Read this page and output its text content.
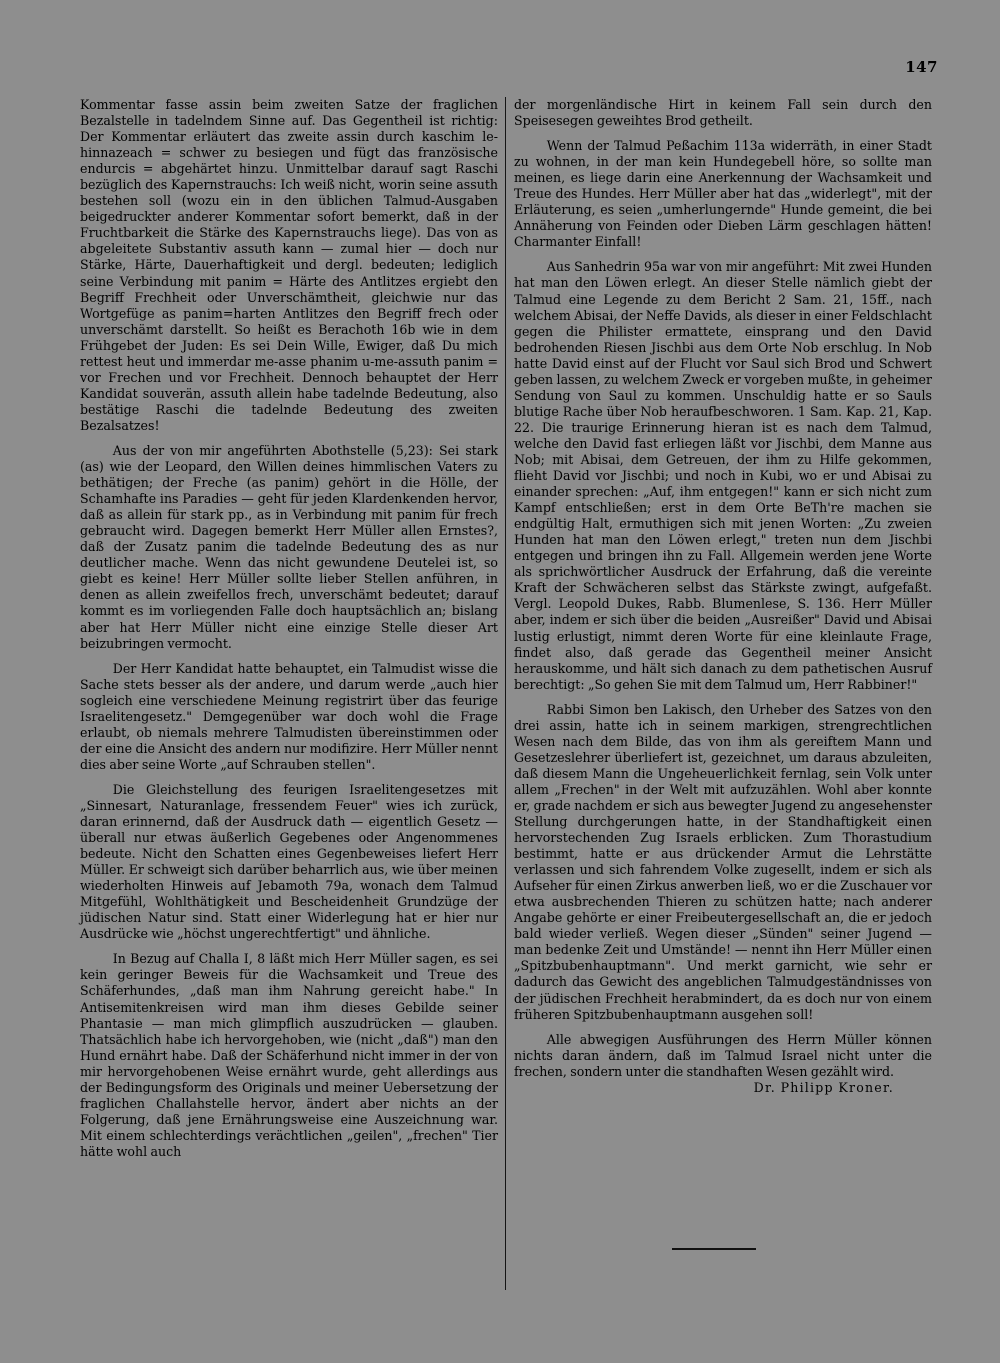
147

Kommentar fasse assin beim zweiten Satze der fraglichen Bezalstelle in tadelndem Sinne auf. Das Gegentheil ist richtig: Der Kommentar erläutert das zweite assin durch kaschim le-hinnazeach = schwer zu besiegen und fügt das französische endurcis = abgehärtet hinzu. Unmittelbar darauf sagt Raschi bezüglich des Kapernstrauchs: Ich weiß nicht, worin seine assuth bestehen soll (wozu ein in den üblichen Talmud-Ausgaben beigedruckter anderer Kommentar sofort bemerkt, daß in der Fruchtbarkeit die Stärke des Kapernstrauchs liege). Das von as abgeleitete Substantiv assuth kann — zumal hier — doch nur Stärke, Härte, Dauerhaftigkeit und dergl. bedeuten; lediglich seine Verbindung mit panim = Härte des Antlitzes ergiebt den Begriff Frechheit oder Unverschämtheit, gleichwie nur das Wortgefüge as panim=harten Antlitzes den Begriff frech oder unverschämt darstellt. So heißt es Berachoth 16b wie in dem Frühgebet der Juden: Es sei Dein Wille, Ewiger, daß Du mich rettest heut und immerdar me-asse phanim u-me-assuth panim = vor Frechen und vor Frechheit. Dennoch behauptet der Herr Kandidat souverän, assuth allein habe tadelnde Bedeutung, also bestätige Raschi die tadelnde Bedeutung des zweiten Bezalsatzes!

Aus der von mir angeführten Abothstelle (5,23): Sei stark (as) wie der Leopard, den Willen deines himmlischen Vaters zu bethätigen; der Freche (as panim) gehört in die Hölle, der Schamhafte ins Paradies — geht für jeden Klardenkenden hervor, daß as allein für stark pp., as in Verbindung mit panim für frech gebraucht wird. Dagegen bemerkt Herr Müller allen Ernstes?, daß der Zusatz panim die tadelnde Bedeutung des as nur deutlicher mache. Wenn das nicht gewundene Deutelei ist, so giebt es keine! Herr Müller sollte lieber Stellen anführen, in denen as allein zweifellos frech, unverschämt bedeutet; darauf kommt es im vorliegenden Falle doch hauptsächlich an; bislang aber hat Herr Müller nicht eine einzige Stelle dieser Art beizubringen vermocht.

Der Herr Kandidat hatte behauptet, ein Talmudist wisse die Sache stets besser als der andere, und darum werde „auch hier sogleich eine verschiedene Meinung registrirt über das feurige Israelitengesetz." Demgegenüber war doch wohl die Frage erlaubt, ob niemals mehrere Talmudisten übereinstimmen oder der eine die Ansicht des andern nur modifizire. Herr Müller nennt dies aber seine Worte „auf Schrauben stellen".

Die Gleichstellung des feurigen Israelitengesetzes mit „Sinnesart, Naturanlage, fressendem Feuer" wies ich zurück, daran erinnernd, daß der Ausdruck dath — eigentlich Gesetz — überall nur etwas äußerlich Gegebenes oder Angenommenes bedeute. Nicht den Schatten eines Gegenbeweises liefert Herr Müller. Er schweigt sich darüber beharrlich aus, wie über meinen wiederholten Hinweis auf Jebamoth 79a, wonach dem Talmud Mitgefühl, Wohlthätigkeit und Bescheidenheit Grundzüge der jüdischen Natur sind. Statt einer Widerlegung hat er hier nur Ausdrücke wie „höchst ungerechtfertigt" und ähnliche.

In Bezug auf Challa I, 8 läßt mich Herr Müller sagen, es sei kein geringer Beweis für die Wachsamkeit und Treue des Schäferhundes, „daß man ihm Nahrung gereicht habe." In Antisemitenkreisen wird man ihm dieses Gebilde seiner Phantasie — man mich glimpflich auszudrücken — glauben. Thatsächlich habe ich hervorgehoben, wie (nicht „daß") man den Hund ernährt habe. Daß der Schäferhund nicht immer in der von mir hervorgehobenen Weise ernährt wurde, geht allerdings aus der Bedingungsform des Originals und meiner Uebersetzung der fraglichen Challahstelle hervor, ändert aber nichts an der Folgerung, daß jene Ernährungsweise eine Auszeichnung war. Mit einem schlechterdings verächtlichen „geilen", „frechen" Tier hätte wohl auch

der morgenländische Hirt in keinem Fall sein durch den Speisesegen geweihtes Brod getheilt.

Wenn der Talmud Peßachim 113a widerräth, in einer Stadt zu wohnen, in der man kein Hundegebell höre, so sollte man meinen, es liege darin eine Anerkennung der Wachsamkeit und Treue des Hundes. Herr Müller aber hat das „widerlegt", mit der Erläuterung, es seien „umherlungernde" Hunde gemeint, die bei Annäherung von Feinden oder Dieben Lärm geschlagen hätten! Charmanter Einfall!

Aus Sanhedrin 95a war von mir angeführt: Mit zwei Hunden hat man den Löwen erlegt. An dieser Stelle nämlich giebt der Talmud eine Legende zu dem Bericht 2 Sam. 21, 15ff., nach welchem Abisai, der Neffe Davids, als dieser in einer Feldschlacht gegen die Philister ermattete, einsprang und den David bedrohenden Riesen Jischbi aus dem Orte Nob erschlug. In Nob hatte David einst auf der Flucht vor Saul sich Brod und Schwert geben lassen, zu welchem Zweck er vorgeben mußte, in geheimer Sendung von Saul zu kommen. Unschuldig hatte er so Sauls blutige Rache über Nob heraufbeschworen. 1 Sam. Kap. 21, Kap. 22. Die traurige Erinnerung hieran ist es nach dem Talmud, welche den David fast erliegen läßt vor Jischbi, dem Manne aus Nob; mit Abisai, dem Getreuen, der ihm zu Hilfe gekommen, flieht David vor Jischbi; und noch in Kubi, wo er und Abisai zu einander sprechen: „Auf, ihm entgegen!" kann er sich nicht zum Kampf entschließen; erst in dem Orte BeTh're machen sie endgültig Halt, ermuthigen sich mit jenen Worten: „Zu zweien Hunden hat man den Löwen erlegt," treten nun dem Jischbi entgegen und bringen ihn zu Fall. Allgemein werden jene Worte als sprichwörtlicher Ausdruck der Erfahrung, daß die vereinte Kraft der Schwächeren selbst das Stärkste zwingt, aufgefaßt. Vergl. Leopold Dukes, Rabb. Blumenlese, S. 136. Herr Müller aber, indem er sich über die beiden „Ausreißer" David und Abisai lustig erlustigt, nimmt deren Worte für eine kleinlaute Frage, findet also, daß gerade das Gegentheil meiner Ansicht herauskomme, und hält sich danach zu dem pathetischen Ausruf berechtigt: „So gehen Sie mit dem Talmud um, Herr Rabbiner!"

Rabbi Simon ben Lakisch, den Urheber des Satzes von den drei assin, hatte ich in seinem markigen, strengrechtlichen Wesen nach dem Bilde, das von ihm als gereiftem Mann und Gesetzeslehrer überliefert ist, gezeichnet, um daraus abzuleiten, daß diesem Mann die Ungeheuerlichkeit fernlag, sein Volk unter allem „Frechen" in der Welt mit aufzuzählen. Wohl aber konnte er, grade nachdem er sich aus bewegter Jugend zu angesehenster Stellung durchgerungen hatte, in der Standhaftigkeit einen hervorstechenden Zug Israels erblicken. Zum Thorastudium bestimmt, hatte er aus drückender Armut die Lehrstätte verlassen und sich fahrendem Volke zugesellt, indem er sich als Aufseher für einen Zirkus anwerben ließ, wo er die Zuschauer vor etwa ausbrechenden Thieren zu schützen hatte; nach anderer Angabe gehörte er einer Freibeutergesellschaft an, die er jedoch bald wieder verließ. Wegen dieser „Sünden" seiner Jugend — man bedenke Zeit und Umstände! — nennt ihn Herr Müller einen „Spitzbubenhauptmann". Und merkt garnicht, wie sehr er dadurch das Gewicht des angeblichen Talmudgeständnisses von der jüdischen Frechheit herabmindert, da es doch nur von einem früheren Spitzbubenhauptmann ausgehen soll!

Alle abwegigen Ausführungen des Herrn Müller können nichts daran ändern, daß im Talmud Israel nicht unter die frechen, sondern unter die standhaften Wesen gezählt wird.

Dr. Philipp Kroner.
